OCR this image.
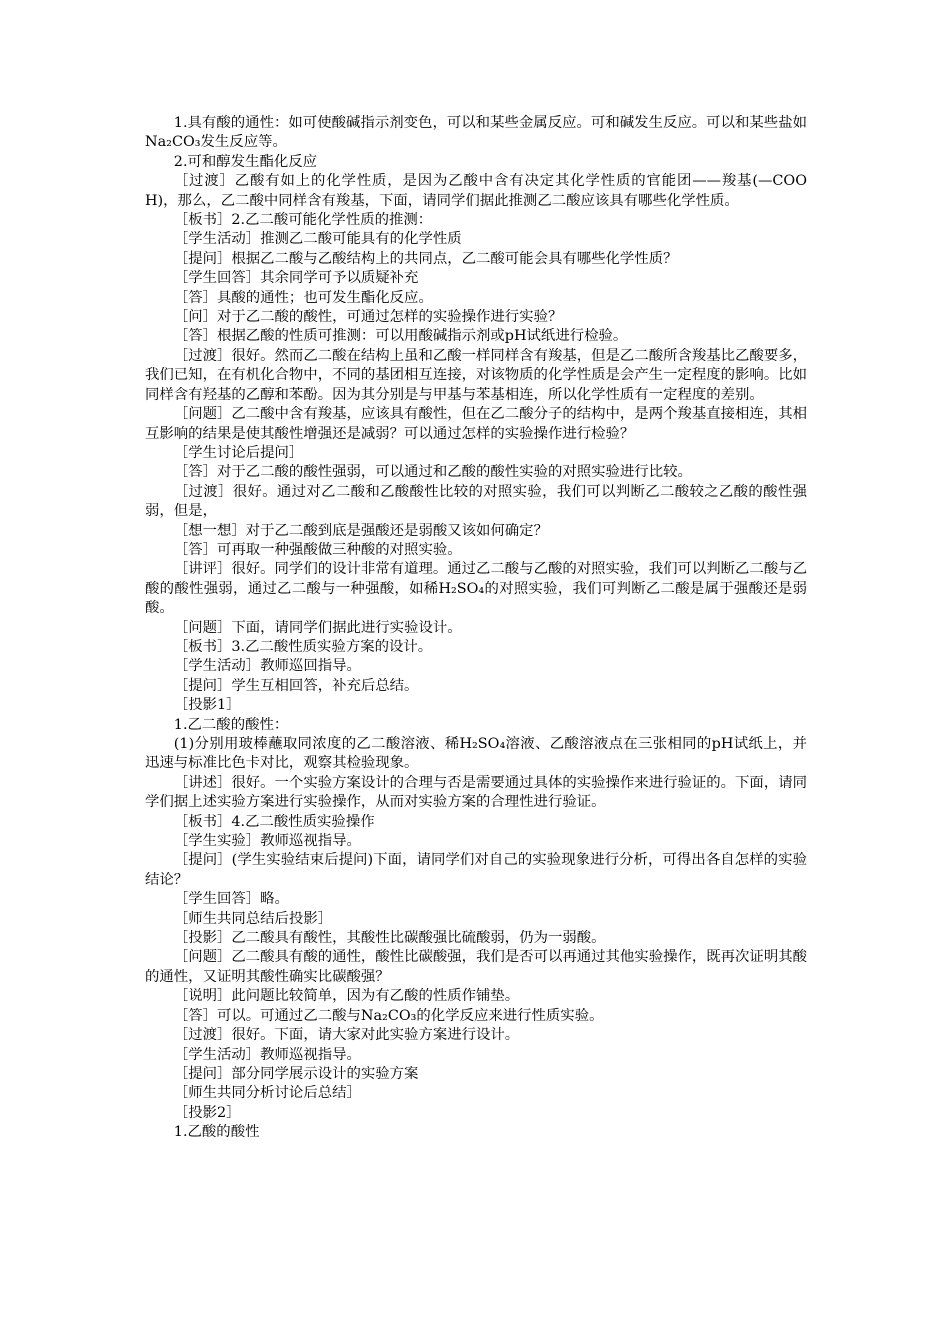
1.具有酸的通性：如可使酸碱指示剂变色，可以和某些金属反应。可和碱发生反应。可以和某些盐如Na₂CO₃发生反应等。

2.可和醇发生酯化反应

［过渡］乙酸有如上的化学性质，是因为乙酸中含有决定其化学性质的官能团——羧基(—COOH)，那么，乙二酸中同样含有羧基，下面，请同学们据此推测乙二酸应该具有哪些化学性质。

［板书］2.乙二酸可能化学性质的推测：

［学生活动］推测乙二酸可能具有的化学性质

［提问］根据乙二酸与乙酸结构上的共同点，乙二酸可能会具有哪些化学性质？

［学生回答］其余同学可予以质疑补充

［答］具酸的通性；也可发生酯化反应。

［问］对于乙二酸的酸性，可通过怎样的实验操作进行实验？

［答］根据乙酸的性质可推测：可以用酸碱指示剂或pH试纸进行检验。

［过渡］很好。然而乙二酸在结构上虽和乙酸一样同样含有羧基，但是乙二酸所含羧基比乙酸要多，我们已知，在有机化合物中，不同的基团相互连接，对该物质的化学性质是会产生一定程度的影响。比如同样含有羟基的乙醇和苯酚。因为其分别是与甲基与苯基相连，所以化学性质有一定程度的差别。

［问题］乙二酸中含有羧基，应该具有酸性，但在乙二酸分子的结构中，是两个羧基直接相连，其相互影响的结果是使其酸性增强还是减弱？可以通过怎样的实验操作进行检验？

［学生讨论后提问］

［答］对于乙二酸的酸性强弱，可以通过和乙酸的酸性实验的对照实验进行比较。

［过渡］很好。通过对乙二酸和乙酸酸性比较的对照实验，我们可以判断乙二酸较之乙酸的酸性强弱，但是，

［想一想］对于乙二酸到底是强酸还是弱酸又该如何确定？

［答］可再取一种强酸做三种酸的对照实验。

［讲评］很好。同学们的设计非常有道理。通过乙二酸与乙酸的对照实验，我们可以判断乙二酸与乙酸的酸性强弱，通过乙二酸与一种强酸，如稀H₂SO₄的对照实验，我们可判断乙二酸是属于强酸还是弱酸。

［问题］下面，请同学们据此进行实验设计。

［板书］3.乙二酸性质实验方案的设计。

［学生活动］教师巡回指导。

［提问］学生互相回答，补充后总结。

［投影1］

1.乙二酸的酸性：

(1)分别用玻棒蘸取同浓度的乙二酸溶液、稀H₂SO₄溶液、乙酸溶液点在三张相同的pH试纸上，并迅速与标准比色卡对比，观察其检验现象。

［讲述］很好。一个实验方案设计的合理与否是需要通过具体的实验操作来进行验证的。下面，请同学们据上述实验方案进行实验操作，从而对实验方案的合理性进行验证。

［板书］4.乙二酸性质实验操作

［学生实验］教师巡视指导。

［提问］(学生实验结束后提问)下面，请同学们对自己的实验现象进行分析，可得出各自怎样的实验结论？

［学生回答］略。

［师生共同总结后投影］

［投影］乙二酸具有酸性，其酸性比碳酸强比硫酸弱，仍为一弱酸。

［问题］乙二酸具有酸的通性，酸性比碳酸强，我们是否可以再通过其他实验操作，既再次证明其酸的通性，又证明其酸性确实比碳酸强？

［说明］此问题比较简单，因为有乙酸的性质作铺垫。

［答］可以。可通过乙二酸与Na₂CO₃的化学反应来进行性质实验。

［过渡］很好。下面，请大家对此实验方案进行设计。

［学生活动］教师巡视指导。

［提问］部分同学展示设计的实验方案

［师生共同分析讨论后总结］

［投影2］

1.乙酸的酸性
